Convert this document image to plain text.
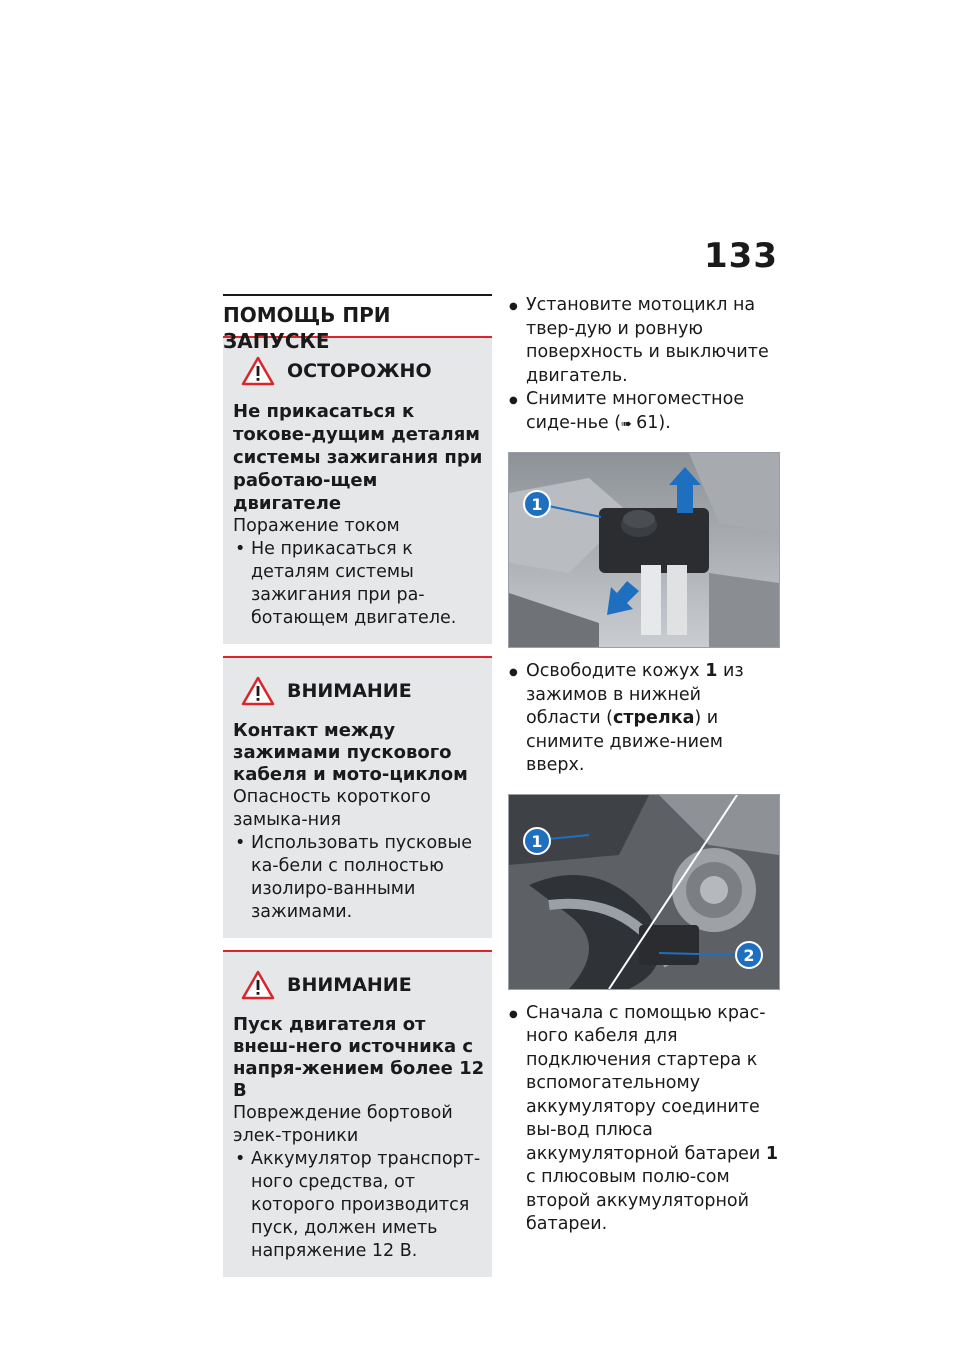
133
ПОМОЩЬ ПРИ ЗАПУСКЕ
ОСТОРОЖНО
Не прикасаться к токове-дущим деталям системы зажигания при работаю-щем двигателе
Поражение током
• Не прикасаться к деталям системы зажигания при ра-ботающем двигателе.
ВНИМАНИЕ
Контакт между зажимами пускового кабеля и мото-циклом
Опасность короткого замыка-ния
• Использовать пусковые ка-бели с полностью изолиро-ванными зажимами.
ВНИМАНИЕ
Пуск двигателя от внеш-него источника с напря-жением более 12 В
Повреждение бортовой элек-троники
• Аккумулятор транспорт-ного средства, от которого производится пуск, должен иметь напряжение 12 В.
● Установите мотоцикл на твер-дую и ровную поверхность и выключите двигатель.
● Снимите многоместное сиде-нье (➠ 61).
1
● Освободите кожух 1 из зажимов в нижней области (стрелка) и снимите движе-нием вверх.
1
2
● Сначала с помощью крас-ного кабеля для подключения стартера к вспомогательному аккумулятору соедините вы-вод плюса аккумуляторной батареи 1 с плюсовым полю-сом второй аккумуляторной батареи.
